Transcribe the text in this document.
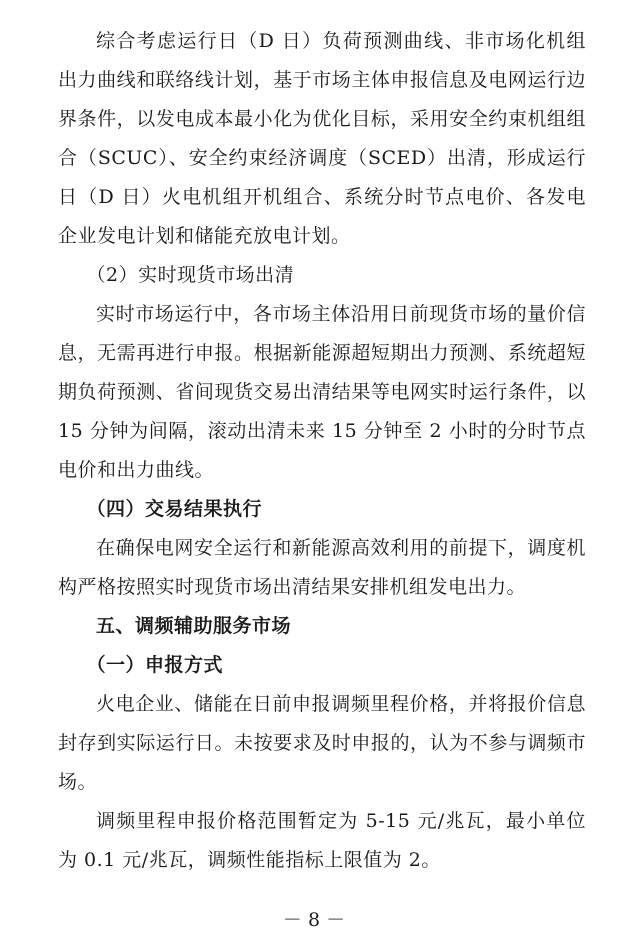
综合考虑运行日（D 日）负荷预测曲线、非市场化机组出力曲线和联络线计划，基于市场主体申报信息及电网运行边界条件，以发电成本最小化为优化目标，采用安全约束机组组合（SCUC）、安全约束经济调度（SCED）出清，形成运行日（D 日）火电机组开机组合、系统分时节点电价、各发电企业发电计划和储能充放电计划。

（2）实时现货市场出清

实时市场运行中，各市场主体沿用日前现货市场的量价信息，无需再进行申报。根据新能源超短期出力预测、系统超短期负荷预测、省间现货交易出清结果等电网实时运行条件，以 15 分钟为间隔，滚动出清未来 15 分钟至 2 小时的分时节点电价和出力曲线。

（四）交易结果执行

在确保电网安全运行和新能源高效利用的前提下，调度机构严格按照实时现货市场出清结果安排机组发电出力。

五、调频辅助服务市场

（一）申报方式

火电企业、储能在日前申报调频里程价格，并将报价信息封存到实际运行日。未按要求及时申报的，认为不参与调频市场。

调频里程申报价格范围暂定为 5-15 元/兆瓦，最小单位为 0.1 元/兆瓦，调频性能指标上限值为 2。

－ 8 －
